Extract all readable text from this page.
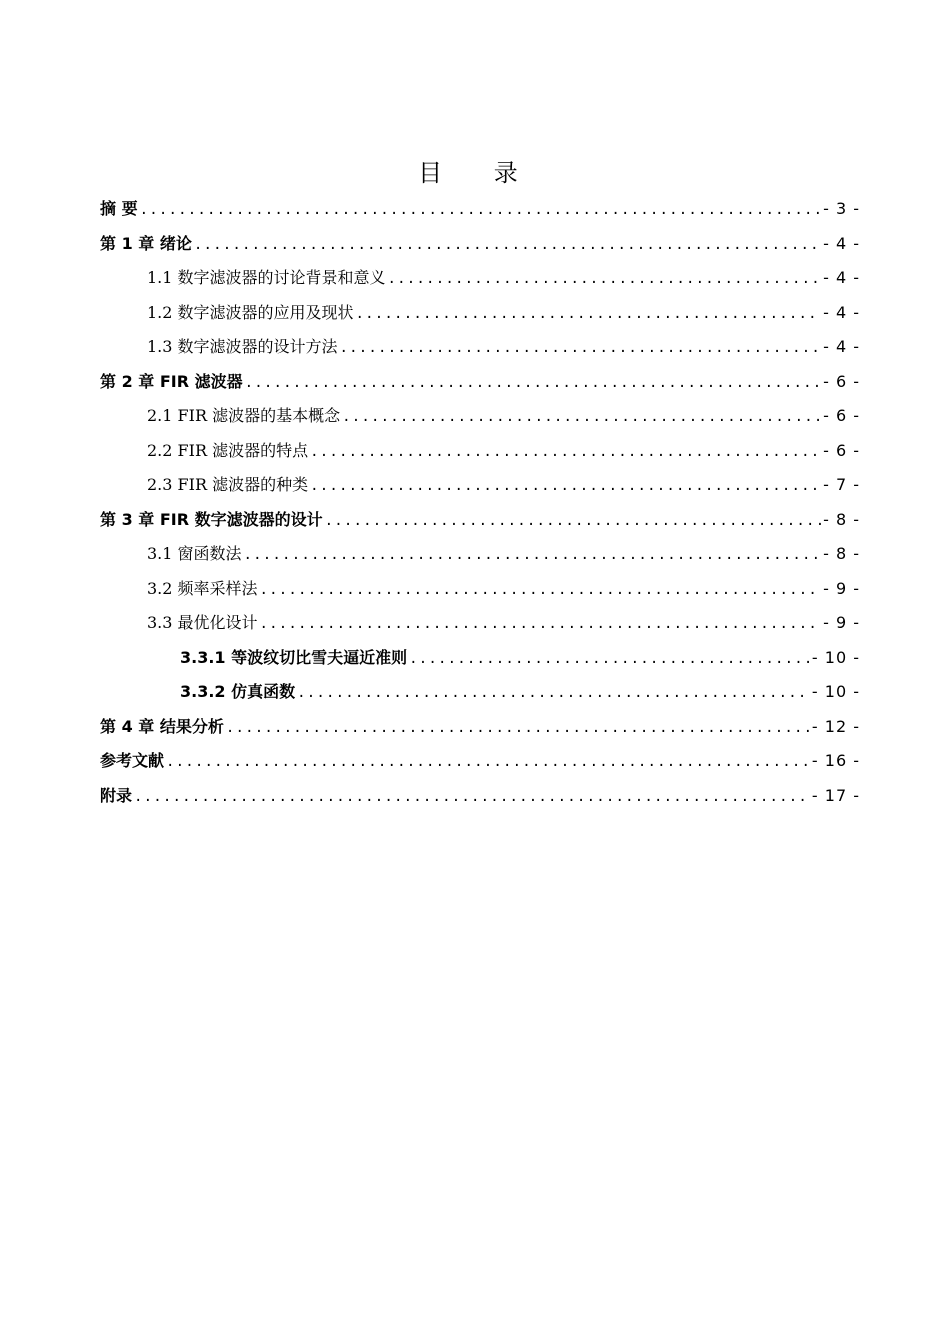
目 录
摘 要 .....	- 3 -
第 1 章 绪论 .....	- 4 -
1.1 数字滤波器的讨论背景和意义 .....	- 4 -
1.2 数字滤波器的应用及现状 .....	- 4 -
1.3 数字滤波器的设计方法 .....	- 4 -
第 2 章 FIR 滤波器 .....	- 6 -
2.1 FIR 滤波器的基本概念 .....	- 6 -
2.2 FIR 滤波器的特点 .....	- 6 -
2.3 FIR 滤波器的种类 .....	- 7 -
第 3 章 FIR 数字滤波器的设计 .....	- 8 -
3.1 窗函数法 .....	- 8 -
3.2 频率采样法 .....	- 9 -
3.3 最优化设计 .....	- 9 -
3.3.1 等波纹切比雪夫逼近准则 .....	- 10 -
3.3.2 仿真函数 .....	- 10 -
第 4 章 结果分析 .....	- 12 -
参考文献 .....	- 16 -
附录 .....	- 17 -
